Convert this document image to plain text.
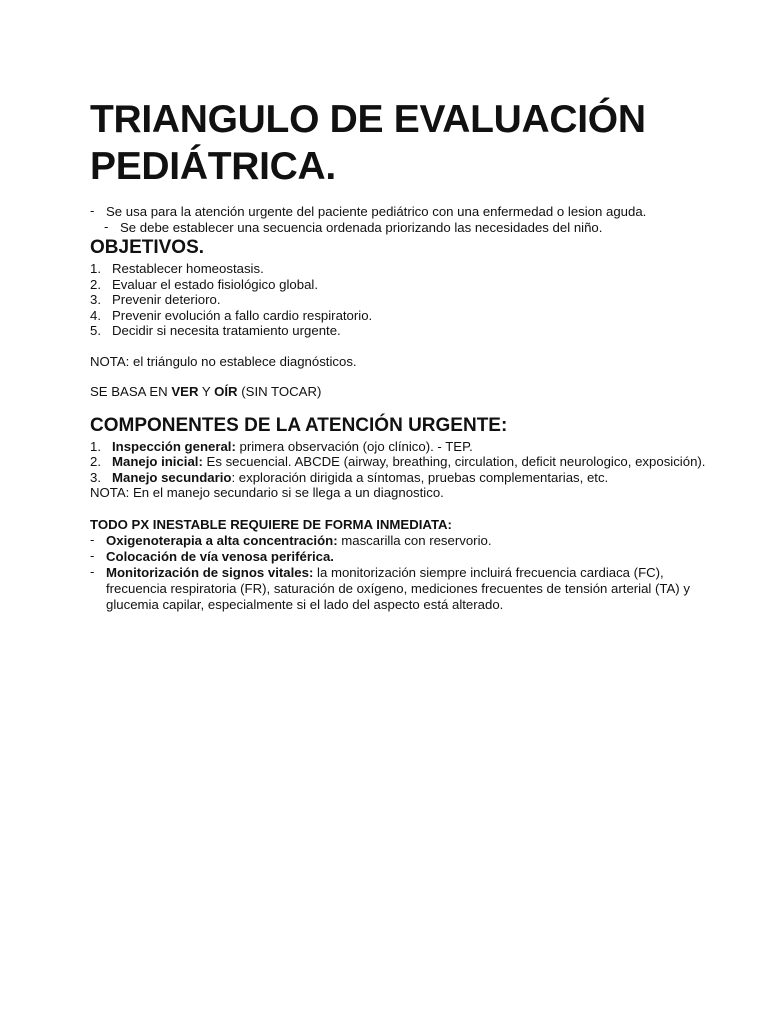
TRIANGULO DE EVALUACIÓN PEDIÁTRICA.
- Se usa para la atención urgente del paciente pediátrico con una enfermedad o lesion aguda.
- Se debe establecer una secuencia ordenada priorizando las necesidades del niño.
OBJETIVOS.
1. Restablecer homeostasis.
2. Evaluar el estado fisiológico global.
3. Prevenir deterioro.
4. Prevenir evolución a fallo cardio respiratorio.
5. Decidir si necesita tratamiento urgente.
NOTA: el triángulo no establece diagnósticos.
SE BASA EN VER Y OÍR (SIN TOCAR)
COMPONENTES DE LA ATENCIÓN URGENTE:
1. Inspección general: primera observación (ojo clínico). - TEP.
2. Manejo inicial: Es secuencial. ABCDE (airway, breathing, circulation, deficit neurologico, exposición).
3. Manejo secundario: exploración dirigida a síntomas, pruebas complementarias, etc.
NOTA: En el manejo secundario si se llega a un diagnostico.
TODO PX INESTABLE REQUIERE DE FORMA INMEDIATA:
- Oxigenoterapia a alta concentración: mascarilla con reservorio.
- Colocación de vía venosa periférica.
- Monitorización de signos vitales: la monitorización siempre incluirá frecuencia cardiaca (FC), frecuencia respiratoria (FR), saturación de oxígeno, mediciones frecuentes de tensión arterial (TA) y glucemia capilar, especialmente si el lado del aspecto está alterado.
